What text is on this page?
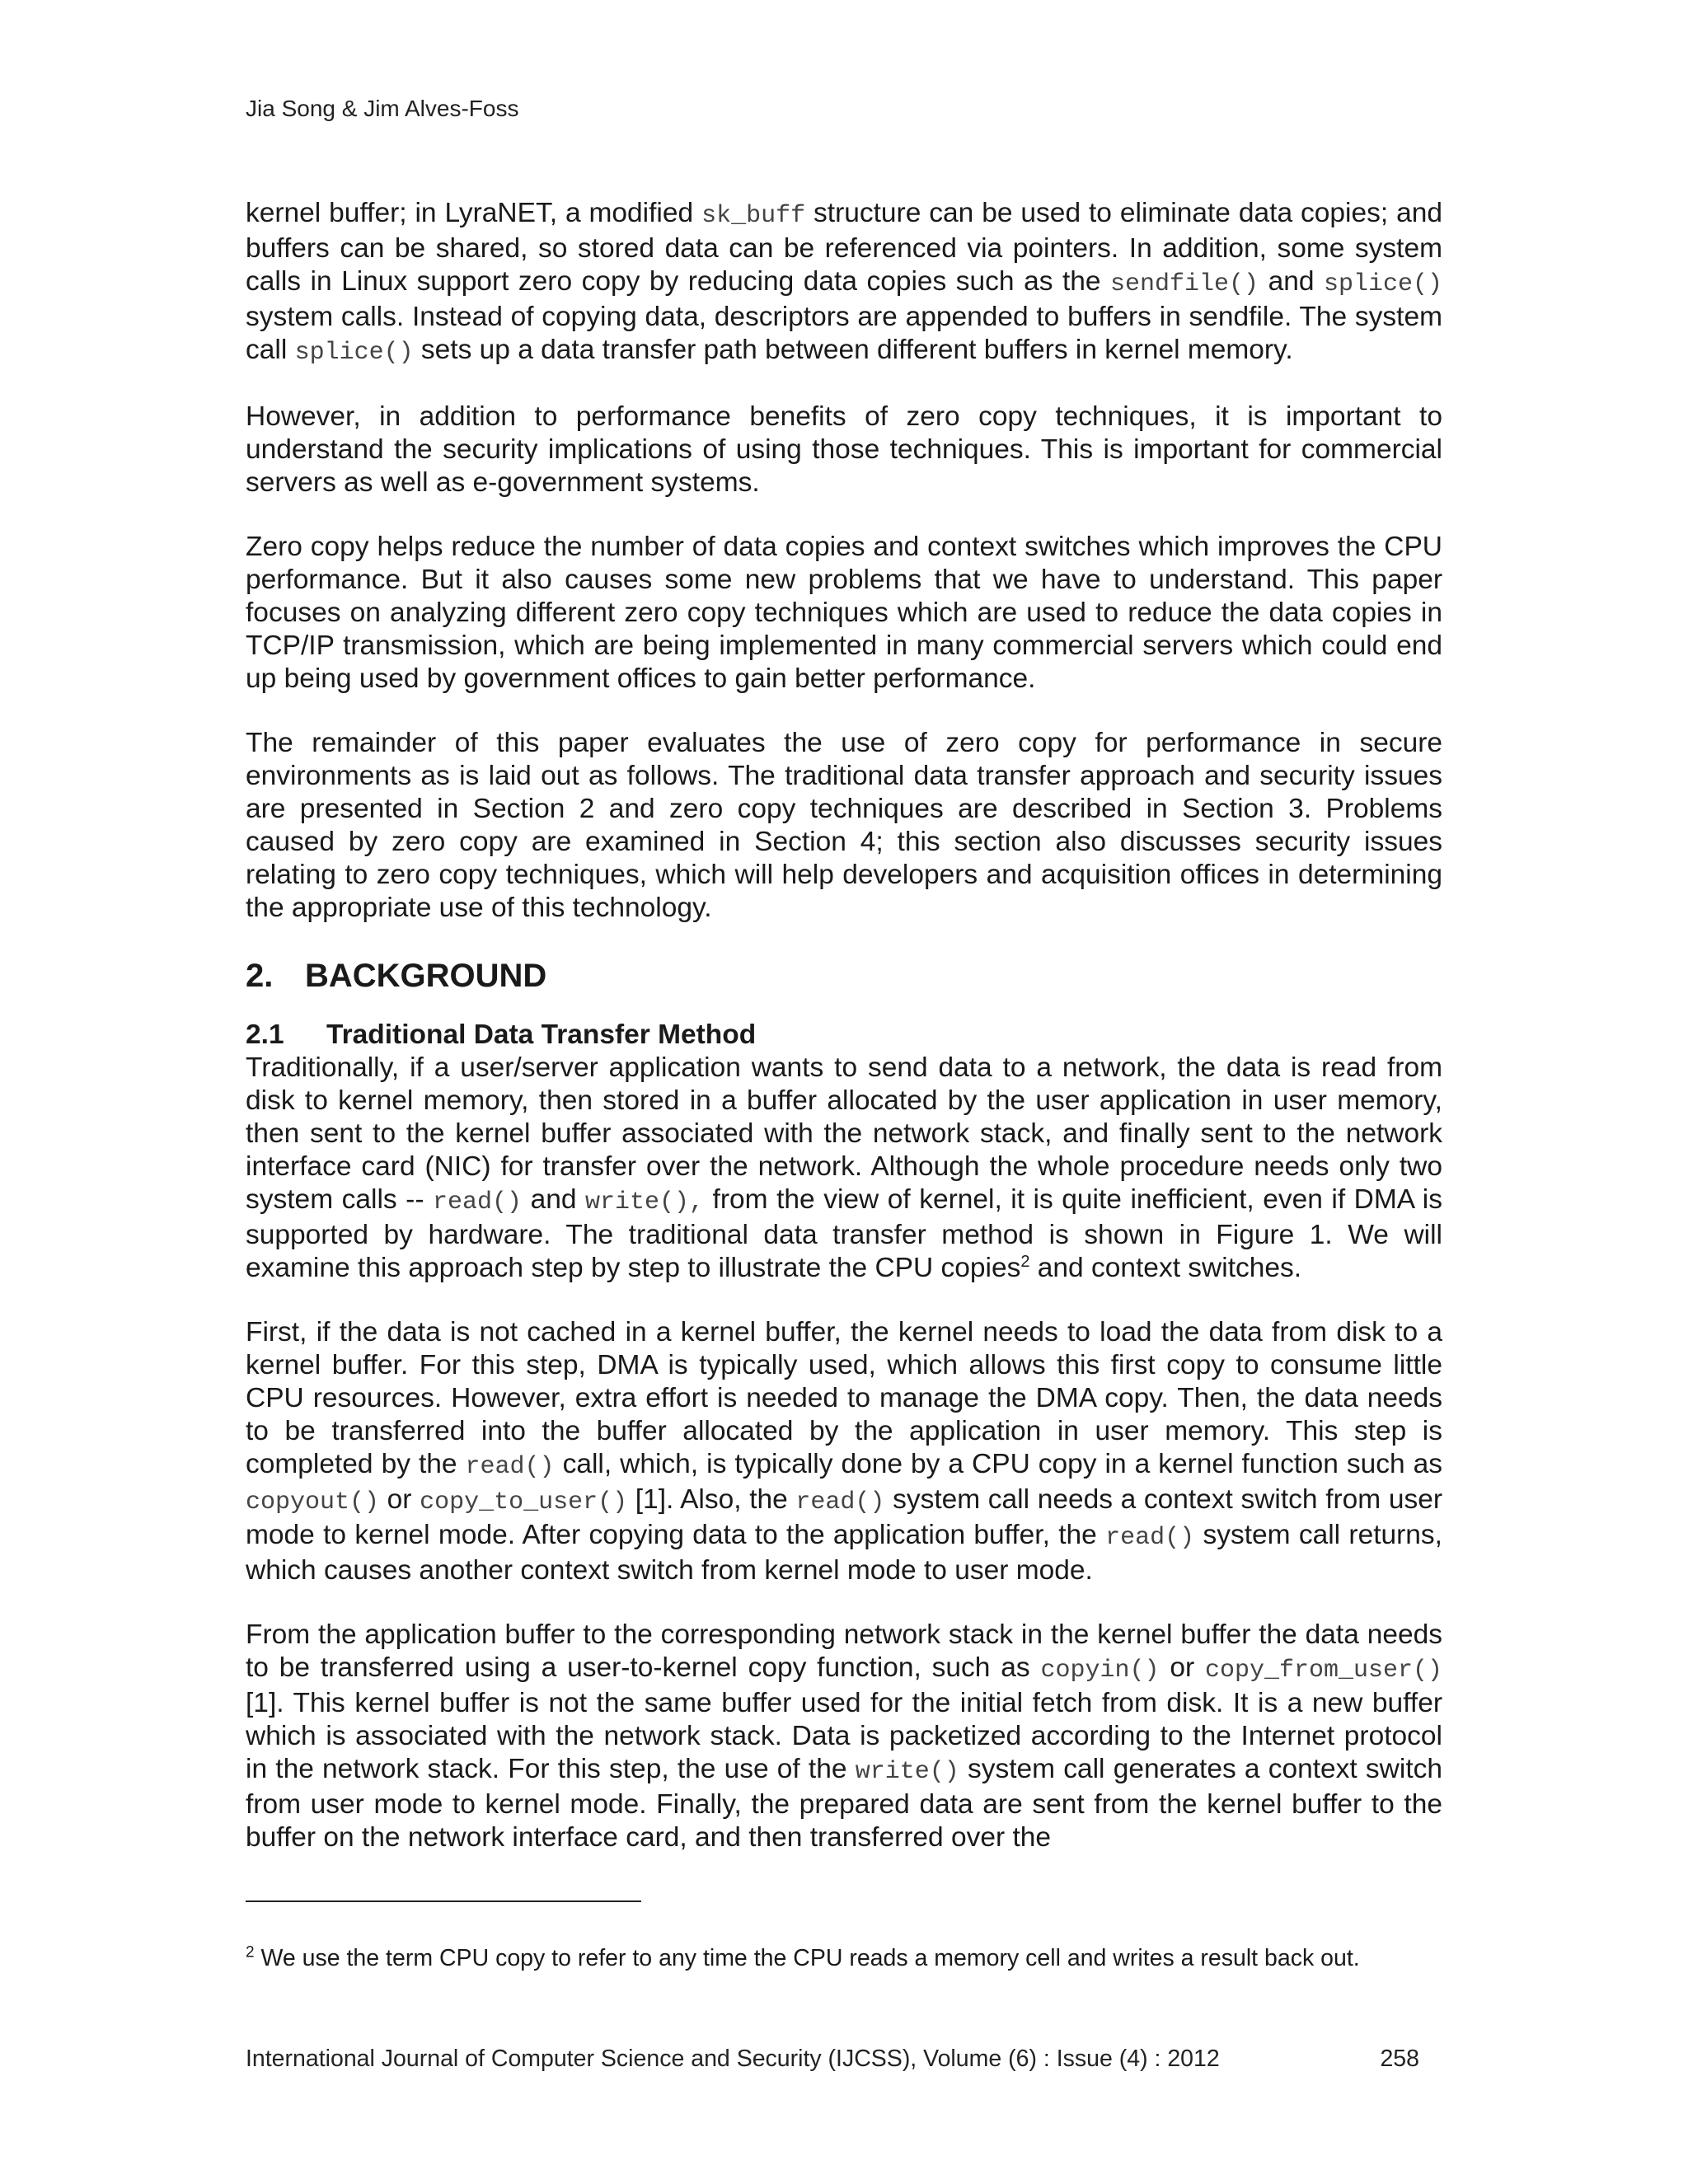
Jia Song & Jim Alves-Foss

kernel buffer; in LyraNET, a modified sk_buff structure can be used to eliminate data copies; and buffers can be shared, so stored data can be referenced via pointers. In addition, some system calls in Linux support zero copy by reducing data copies such as the sendfile() and splice() system calls. Instead of copying data, descriptors are appended to buffers in sendfile. The system call splice() sets up a data transfer path between different buffers in kernel memory.

However, in addition to performance benefits of zero copy techniques, it is important to understand the security implications of using those techniques. This is important for commercial servers as well as e-government systems.

Zero copy helps reduce the number of data copies and context switches which improves the CPU performance. But it also causes some new problems that we have to understand. This paper focuses on analyzing different zero copy techniques which are used to reduce the data copies in TCP/IP transmission, which are being implemented in many commercial servers which could end up being used by government offices to gain better performance.

The remainder of this paper evaluates the use of zero copy for performance in secure environments as is laid out as follows. The traditional data transfer approach and security issues are presented in Section 2 and zero copy techniques are described in Section 3. Problems caused by zero copy are examined in Section 4; this section also discusses security issues relating to zero copy techniques, which will help developers and acquisition offices in determining the appropriate use of this technology.

2. BACKGROUND
2.1 Traditional Data Transfer Method

Traditionally, if a user/server application wants to send data to a network, the data is read from disk to kernel memory, then stored in a buffer allocated by the user application in user memory, then sent to the kernel buffer associated with the network stack, and finally sent to the network interface card (NIC) for transfer over the network. Although the whole procedure needs only two system calls -- read() and write(), from the view of kernel, it is quite inefficient, even if DMA is supported by hardware. The traditional data transfer method is shown in Figure 1. We will examine this approach step by step to illustrate the CPU copies$^2$ and context switches.

First, if the data is not cached in a kernel buffer, the kernel needs to load the data from disk to a kernel buffer. For this step, DMA is typically used, which allows this first copy to consume little CPU resources. However, extra effort is needed to manage the DMA copy. Then, the data needs to be transferred into the buffer allocated by the application in user memory. This step is completed by the read() call, which, is typically done by a CPU copy in a kernel function such as copyout() or copy_to_user() [1]. Also, the read() system call needs a context switch from user mode to kernel mode. After copying data to the application buffer, the read() system call returns, which causes another context switch from kernel mode to user mode.

From the application buffer to the corresponding network stack in the kernel buffer the data needs to be transferred using a user-to-kernel copy function, such as copyin() or copy_from_user() [1]. This kernel buffer is not the same buffer used for the initial fetch from disk. It is a new buffer which is associated with the network stack. Data is packetized according to the Internet protocol in the network stack. For this step, the use of the write() system call generates a context switch from user mode to kernel mode. Finally, the prepared data are sent from the kernel buffer to the buffer on the network interface card, and then transferred over the

$^2$ We use the term CPU copy to refer to any time the CPU reads a memory cell and writes a result back out.
International Journal of Computer Science and Security (IJCSS), Volume (6) : Issue (4) : 2012	258
